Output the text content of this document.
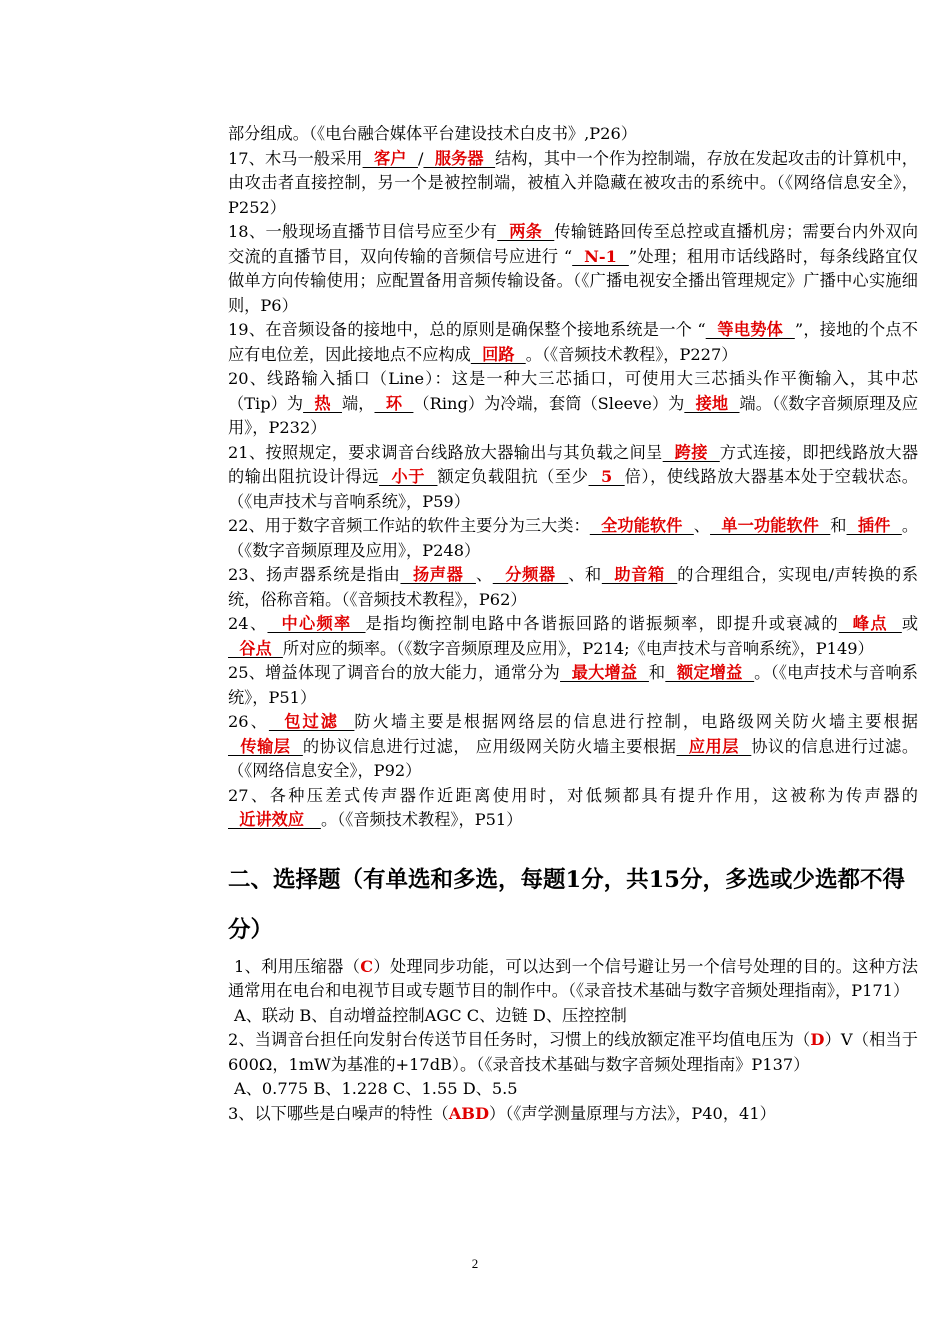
部分组成。（《电台融合媒体平台建设技术白皮书》,P26）

17、木马一般采用  客户  /  服务器  结构，其中一个作为控制端，存放在发起攻击的计算机中，由攻击者直接控制，另一个是被控制端，被植入并隐藏在被攻击的系统中。（《网络信息安全》，P252）

18、一般现场直播节目信号应至少有  两条  传输链路回传至总控或直播机房；需要台内外双向交流的直播节目，双向传输的音频信号应进行 “  N-1  ”处理；租用市话线路时，每条线路宜仅做单方向传输使用；应配置备用音频传输设备。（《广播电视安全播出管理规定》广播中心实施细则，P6）

19、在音频设备的接地中，总的原则是确保整个接地系统是一个 “  等电势体  ”，接地的个点不应有电位差，因此接地点不应构成  回路  。（《音频技术教程》，P227）

20、线路输入插口（Line）：这是一种大三芯插口，可使用大三芯插头作平衡输入，其中芯（Tip）为  热  端，  环  （Ring）为冷端，套筒（Sleeve）为  接地  端。（《数字音频原理及应用》，P232）

21、按照规定，要求调音台线路放大器输出与其负载之间呈  跨接  方式连接，即把线路放大器的输出阻抗设计得远  小于  额定负载阻抗（至少  5  倍），使线路放大器基本处于空载状态。（《电声技术与音响系统》，P59）

22、用于数字音频工作站的软件主要分为三大类：  全功能软件  、  单一功能软件  和  插件  。（《数字音频原理及应用》，P248）

23、扬声器系统是指由  扬声器  、  分频器  、和  助音箱  的合理组合，实现电/声转换的系统，俗称音箱。（《音频技术教程》，P62）

24、  中心频率  是指均衡控制电路中各谐振回路的谐振频率，即提升或衰减的  峰点  或  谷点  所对应的频率。（《数字音频原理及应用》，P214;《电声技术与音响系统》，P149）

25、增益体现了调音台的放大能力，通常分为  最大增益  和  额定增益  。（《电声技术与音响系统》，P51）

26、  包过滤  防火墙主要是根据网络层的信息进行控制，电路级网关防火墙主要根据  传输层  的协议信息进行过滤， 应用级网关防火墙主要根据  应用层  协议的信息进行过滤。（《网络信息安全》，P92）

27、各种压差式传声器作近距离使用时，对低频都具有提升作用，这被称为传声器的  近讲效应   。（《音频技术教程》，P51）

二、选择题（有单选和多选，每题1分，共15分，多选或少选都不得分）

1、利用压缩器（C）处理同步功能，可以达到一个信号避让另一个信号处理的目的。这种方法通常用在电台和电视节目或专题节目的制作中。（《录音技术基础与数字音频处理指南》，P171）

A、联动 B、自动增益控制AGC C、边链 D、压控控制

2、当调音台担任向发射台传送节目任务时，习惯上的线放额定准平均值电压为（D）V（相当于600Ω，1mW为基准的+17dB）。（《录音技术基础与数字音频处理指南》P137）

A、0.775 B、1.228 C、1.55 D、5.5

3、以下哪些是白噪声的特性（ABD）（《声学测量原理与方法》，P40，41）

2
